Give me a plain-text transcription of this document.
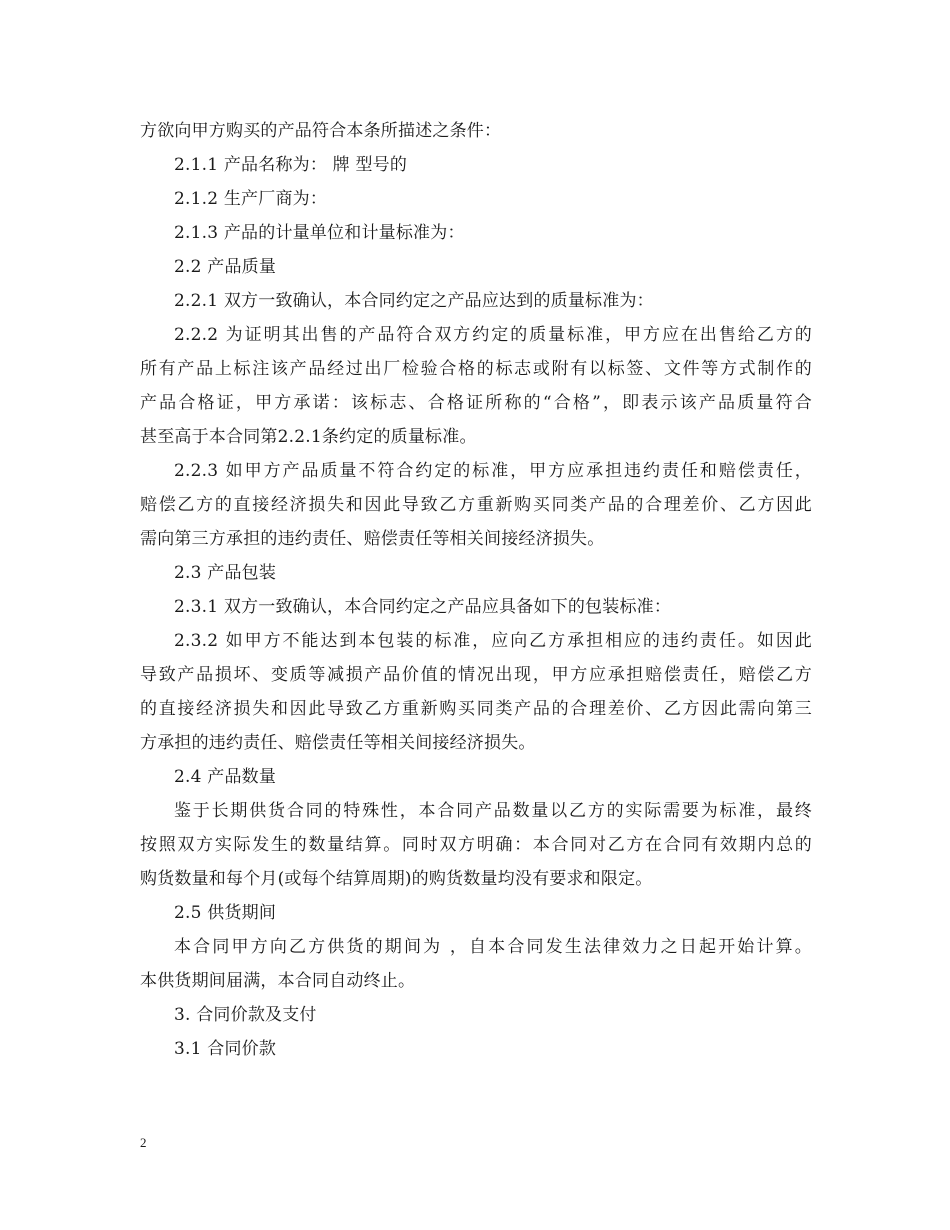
方欲向甲方购买的产品符合本条所描述之条件：
2.1.1 产品名称为： 牌 型号的
2.1.2 生产厂商为：
2.1.3 产品的计量单位和计量标准为：
2.2 产品质量
2.2.1 双方一致确认，本合同约定之产品应达到的质量标准为：
2.2.2 为证明其出售的产品符合双方约定的质量标准，甲方应在出售给乙方的
所有产品上标注该产品经过出厂检验合格的标志或附有以标签、文件等方式制作的
产品合格证，甲方承诺：该标志、合格证所称的“合格”，即表示该产品质量符合
甚至高于本合同第2.2.1条约定的质量标准。
2.2.3 如甲方产品质量不符合约定的标准，甲方应承担违约责任和赔偿责任，
赔偿乙方的直接经济损失和因此导致乙方重新购买同类产品的合理差价、乙方因此
需向第三方承担的违约责任、赔偿责任等相关间接经济损失。
2.3 产品包装
2.3.1 双方一致确认，本合同约定之产品应具备如下的包装标准：
2.3.2 如甲方不能达到本包装的标准，应向乙方承担相应的违约责任。如因此
导致产品损坏、变质等减损产品价值的情况出现，甲方应承担赔偿责任，赔偿乙方
的直接经济损失和因此导致乙方重新购买同类产品的合理差价、乙方因此需向第三
方承担的违约责任、赔偿责任等相关间接经济损失。
2.4 产品数量
鉴于长期供货合同的特殊性，本合同产品数量以乙方的实际需要为标准，最终
按照双方实际发生的数量结算。同时双方明确：本合同对乙方在合同有效期内总的
购货数量和每个月(或每个结算周期)的购货数量均没有要求和限定。
2.5 供货期间
本合同甲方向乙方供货的期间为 ，自本合同发生法律效力之日起开始计算。
本供货期间届满，本合同自动终止。
3. 合同价款及支付
3.1 合同价款
2
